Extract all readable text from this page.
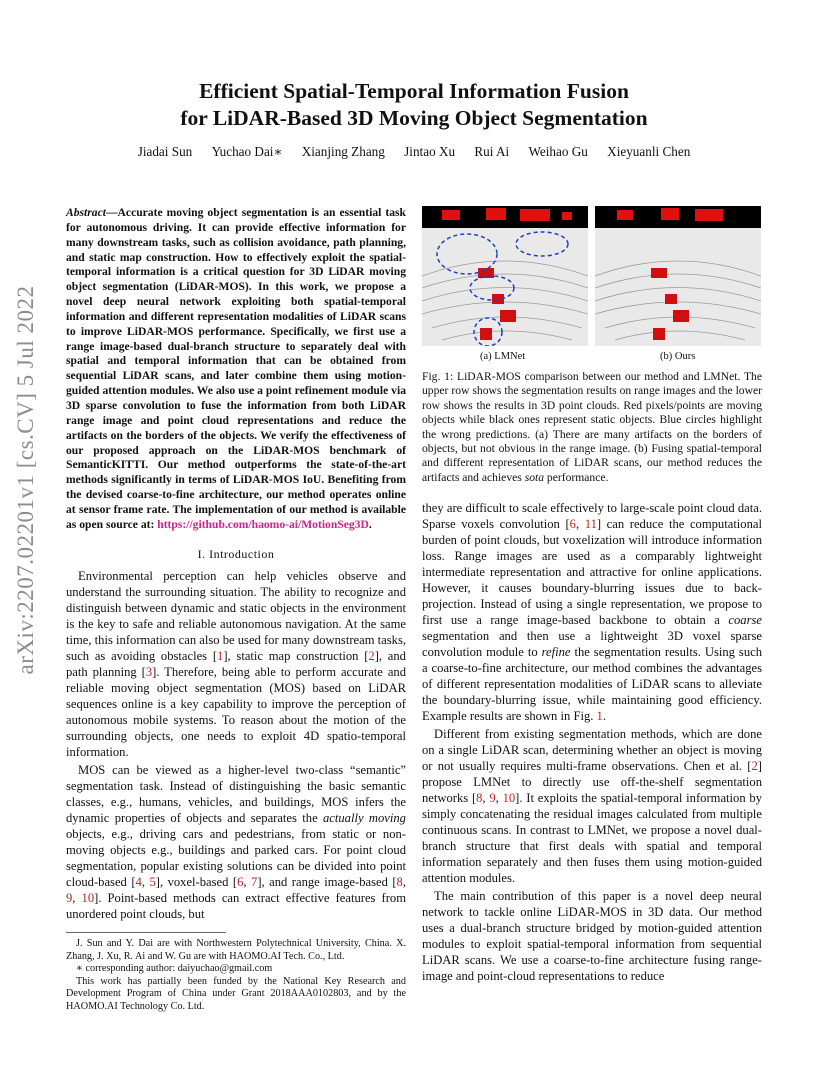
arXiv:2207.02201v1 [cs.CV] 5 Jul 2022
Efficient Spatial-Temporal Information Fusion
for LiDAR-Based 3D Moving Object Segmentation
Jiadai Sun Yuchao Dai∗ Xianjing Zhang Jintao Xu Rui Ai Weihao Gu Xieyuanli Chen
Abstract—Accurate moving object segmentation is an essential task for autonomous driving. It can provide effective information for many downstream tasks, such as collision avoidance, path planning, and static map construction. How to effectively exploit the spatial-temporal information is a critical question for 3D LiDAR moving object segmentation (LiDAR-MOS). In this work, we propose a novel deep neural network exploiting both spatial-temporal information and different representation modalities of LiDAR scans to improve LiDAR-MOS performance. Specifically, we first use a range image-based dual-branch structure to separately deal with spatial and temporal information that can be obtained from sequential LiDAR scans, and later combine them using motion-guided attention modules. We also use a point refinement module via 3D sparse convolution to fuse the information from both LiDAR range image and point cloud representations and reduce the artifacts on the borders of the objects. We verify the effectiveness of our proposed approach on the LiDAR-MOS benchmark of SemanticKITTI. Our method outperforms the state-of-the-art methods significantly in terms of LiDAR-MOS IoU. Benefiting from the devised coarse-to-fine architecture, our method operates online at sensor frame rate. The implementation of our method is available as open source at: https://github.com/haomo-ai/MotionSeg3D.
I. Introduction

Environmental perception can help vehicles observe and understand the surrounding situation. The ability to recognize and distinguish between dynamic and static objects in the environment is the key to safe and reliable autonomous navigation. At the same time, this information can also be used for many downstream tasks, such as avoiding obstacles [1], static map construction [2], and path planning [3]. Therefore, being able to perform accurate and reliable moving object segmentation (MOS) based on LiDAR sequences online is a key capability to improve the perception of autonomous mobile systems. To reason about the motion of the surrounding objects, one needs to exploit 4D spatio-temporal information.

MOS can be viewed as a higher-level two-class “semantic” segmentation task. Instead of distinguishing the basic semantic classes, e.g., humans, vehicles, and buildings, MOS infers the dynamic properties of objects and separates the actually moving objects, e.g., driving cars and pedestrians, from static or non-moving objects e.g., buildings and parked cars. For point cloud segmentation, popular existing solutions can be divided into point cloud-based [4, 5], voxel-based [6, 7], and range image-based [8, 9, 10]. Point-based methods can extract effective features from unordered point clouds, but

J. Sun and Y. Dai are with Northwestern Polytechnical University, China. X. Zhang, J. Xu, R. Ai and W. Gu are with HAOMO.AI Tech. Co., Ltd.

∗ corresponding author: daiyuchao@gmail.com

This work has partially been funded by the National Key Research and Development Program of China under Grant 2018AAA0102803, and by the HAOMO.AI Technology Co. Ltd.

(a) LMNet	(b) Ours
Fig. 1: LiDAR-MOS comparison between our method and LMNet. The upper row shows the segmentation results on range images and the lower row shows the results in 3D point clouds. Red pixels/points are moving objects while black ones represent static objects. Blue circles highlight the wrong predictions. (a) There are many artifacts on the borders of objects, but not obvious in the range image. (b) Fusing spatial-temporal and different representation of LiDAR scans, our method reduces the artifacts and achieves sota performance.

they are difficult to scale effectively to large-scale point cloud data. Sparse voxels convolution [6, 11] can reduce the computational burden of point clouds, but voxelization will introduce information loss. Range images are used as a comparably lightweight intermediate representation and attractive for online applications. However, it causes boundary-blurring issues due to back-projection. Instead of using a single representation, we propose to first use a range image-based backbone to obtain a coarse segmentation and then use a lightweight 3D voxel sparse convolution module to refine the segmentation results. Using such a coarse-to-fine architecture, our method combines the advantages of different representation modalities of LiDAR scans to alleviate the boundary-blurring issue, while maintaining good efficiency. Example results are shown in Fig. 1.

Different from existing segmentation methods, which are done on a single LiDAR scan, determining whether an object is moving or not usually requires multi-frame observations. Chen et al. [2] propose LMNet to directly use off-the-shelf segmentation networks [8, 9, 10]. It exploits the spatial-temporal information by simply concatenating the residual images calculated from multiple continuous scans. In contrast to LMNet, we propose a novel dual-branch structure that first deals with spatial and temporal information separately and then fuses them using motion-guided attention modules.

The main contribution of this paper is a novel deep neural network to tackle online LiDAR-MOS in 3D data. Our method uses a dual-branch structure bridged by motion-guided attention modules to exploit spatial-temporal information from sequential LiDAR scans. We use a coarse-to-fine architecture fusing range-image and point-cloud representations to reduce
